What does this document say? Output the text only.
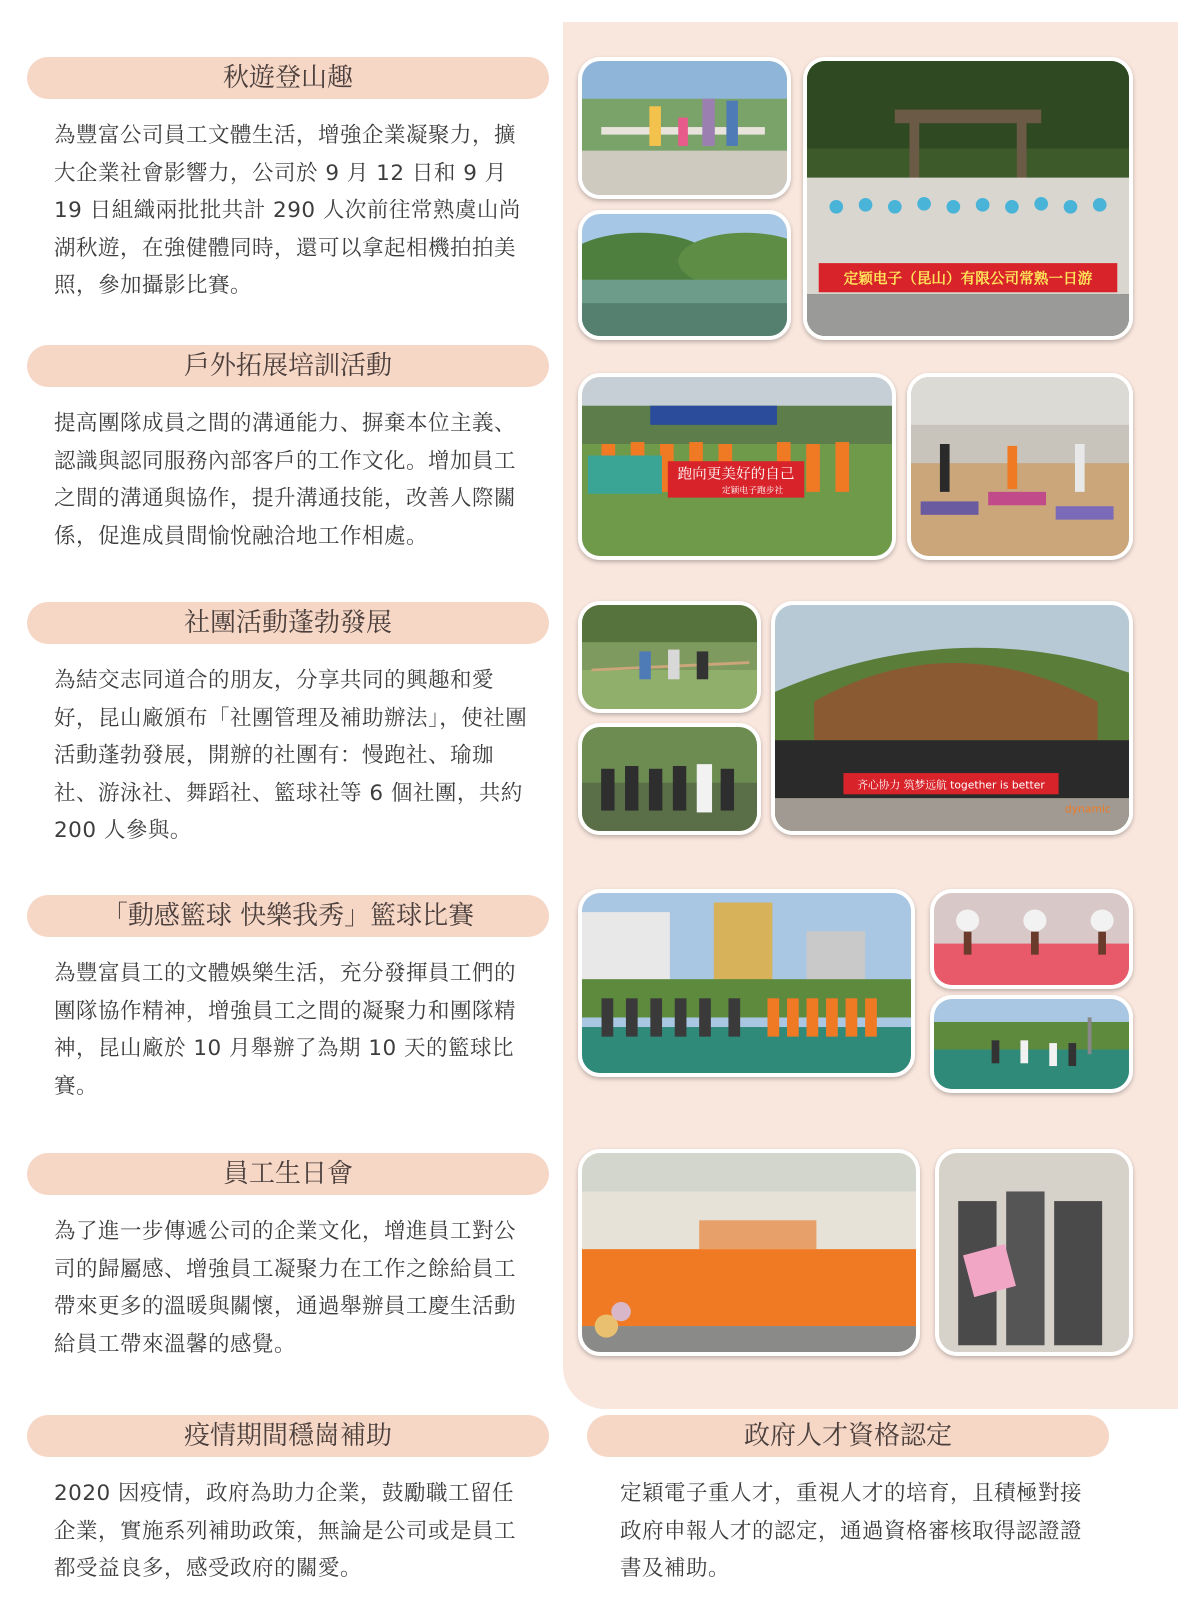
秋遊登山趣

為豐富公司員工文體生活，增強企業凝聚力，擴大企業社會影響力，公司於 9 月 12 日和 9 月 19 日組織兩批批共計 290 人次前往常熟虞山尚湖秋遊，在強健體同時，還可以拿起相機拍拍美照，參加攝影比賽。

戶外拓展培訓活動

提高團隊成員之間的溝通能力、摒棄本位主義、認識與認同服務內部客戶的工作文化。增加員工之間的溝通與協作，提升溝通技能，改善人際關係，促進成員間愉悅融洽地工作相處。

社團活動蓬勃發展

為結交志同道合的朋友，分享共同的興趣和愛好，昆山廠頒布「社團管理及補助辦法」，使社團活動蓬勃發展，開辦的社團有：慢跑社、瑜珈社、游泳社、舞蹈社、籃球社等 6 個社團，共約 200 人參與。

「動感籃球 快樂我秀」籃球比賽

為豐富員工的文體娛樂生活，充分發揮員工們的團隊協作精神，增強員工之間的凝聚力和團隊精神，昆山廠於 10 月舉辦了為期 10 天的籃球比賽。

員工生日會

為了進一步傳遞公司的企業文化，增進員工對公司的歸屬感、增強員工凝聚力在工作之餘給員工帶來更多的溫暖與關懷，通過舉辦員工慶生活動給員工帶來溫馨的感覺。

疫情期間穩崗補助

2020 因疫情，政府為助力企業，鼓勵職工留任企業，實施系列補助政策，無論是公司或是員工都受益良多，感受政府的關愛。

政府人才資格認定

定穎電子重人才，重視人才的培育，且積極對接政府申報人才的認定，通過資格審核取得認證證書及補助。

定颖电子（昆山）有限公司常熟一日游
跑向更美好的自己
定颖电子跑步社
齐心协力 筑梦远航 together is better
dynamic
